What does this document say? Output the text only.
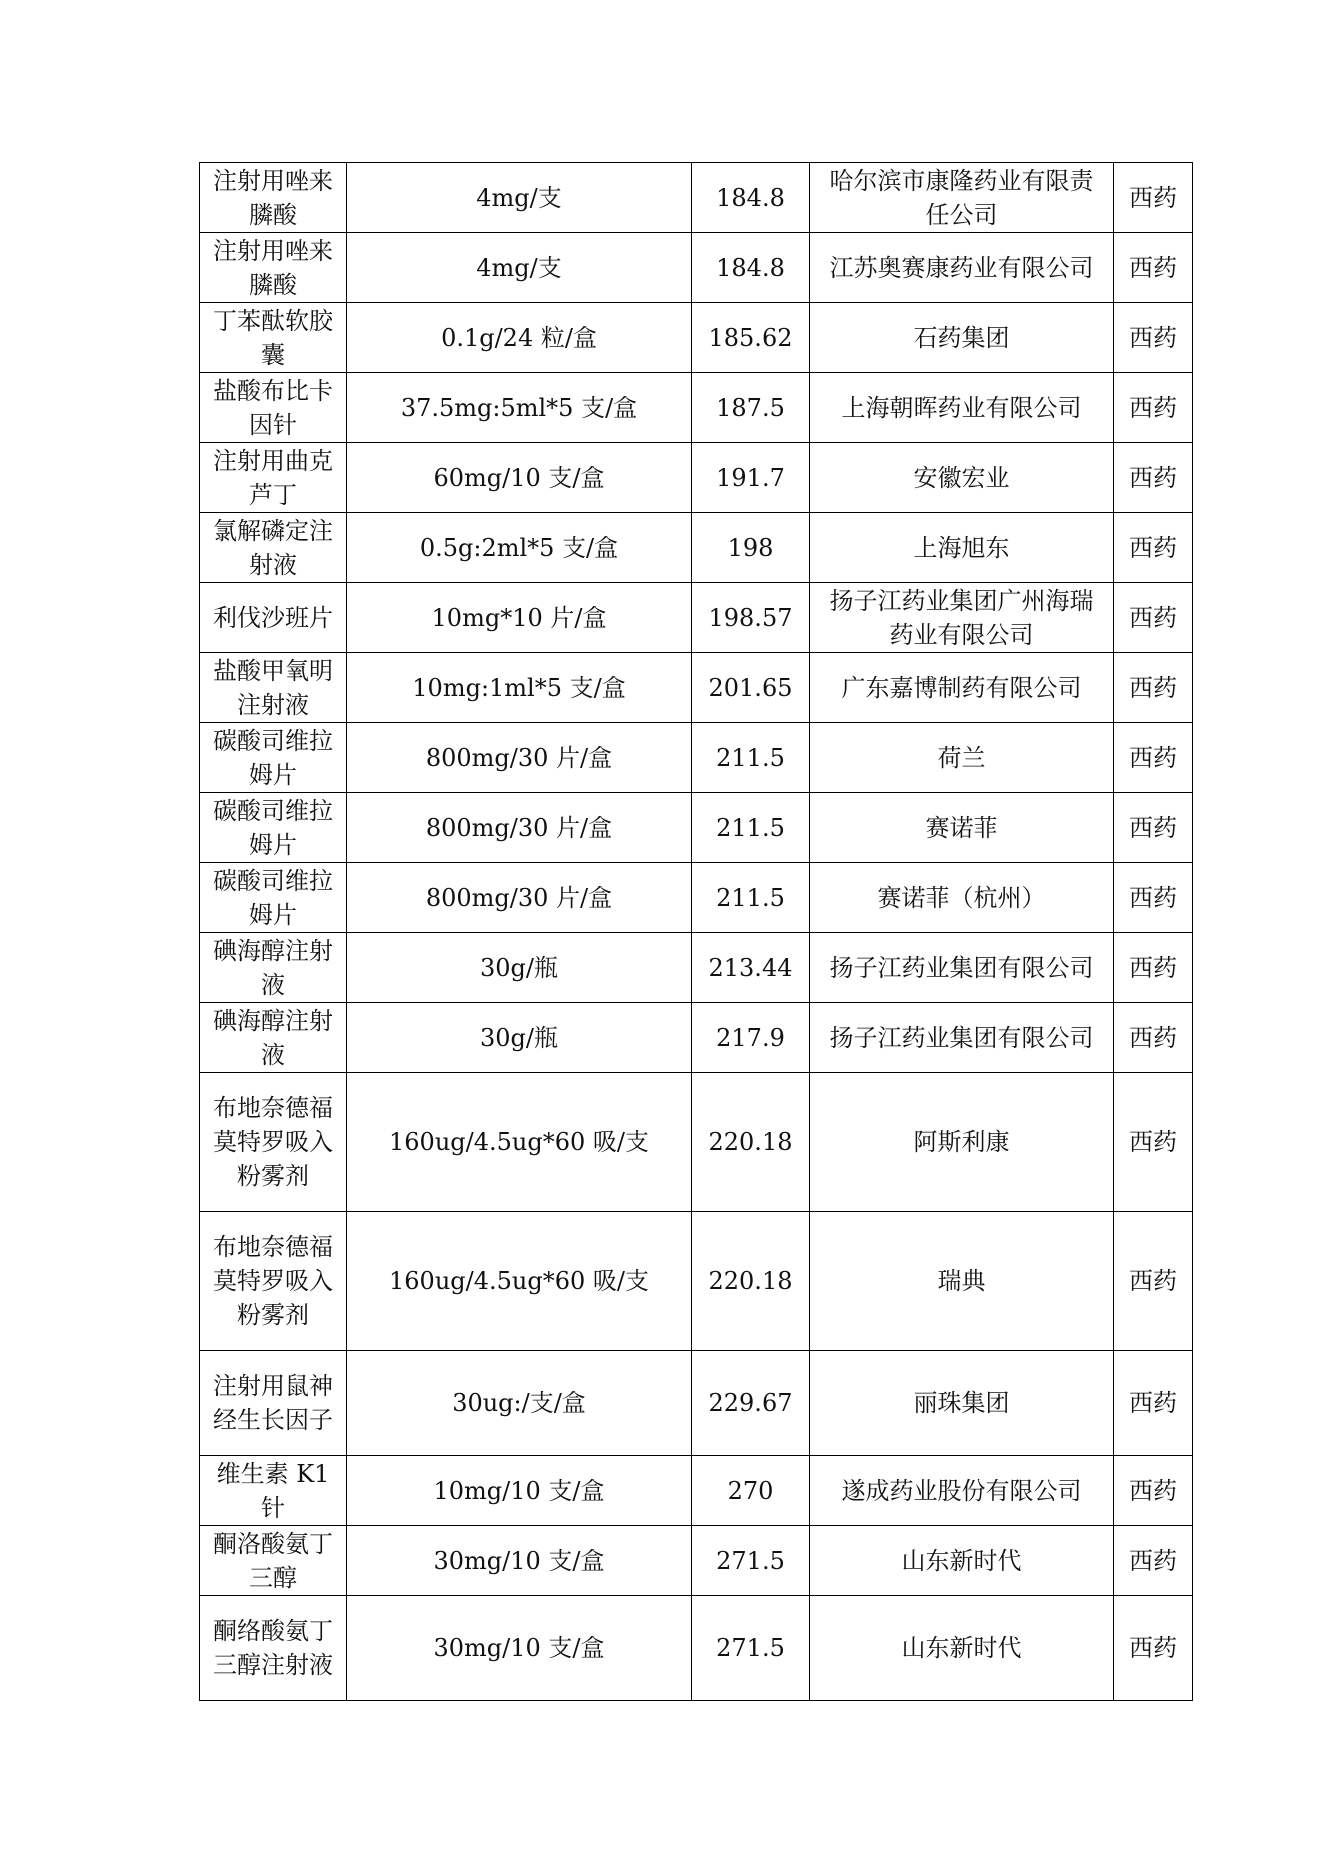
注射用唑来膦酸	4mg/支	184.8	哈尔滨市康隆药业有限责任公司	西药
注射用唑来膦酸	4mg/支	184.8	江苏奥赛康药业有限公司	西药
丁苯酞软胶囊	0.1g/24 粒/盒	185.62	石药集团	西药
盐酸布比卡因针	37.5mg:5ml*5 支/盒	187.5	上海朝晖药业有限公司	西药
注射用曲克芦丁	60mg/10 支/盒	191.7	安徽宏业	西药
氯解磷定注射液	0.5g:2ml*5 支/盒	198	上海旭东	西药
利伐沙班片	10mg*10 片/盒	198.57	扬子江药业集团广州海瑞药业有限公司	西药
盐酸甲氧明注射液	10mg:1ml*5 支/盒	201.65	广东嘉博制药有限公司	西药
碳酸司维拉姆片	800mg/30 片/盒	211.5	荷兰	西药
碳酸司维拉姆片	800mg/30 片/盒	211.5	赛诺菲	西药
碳酸司维拉姆片	800mg/30 片/盒	211.5	赛诺菲（杭州）	西药
碘海醇注射液	30g/瓶	213.44	扬子江药业集团有限公司	西药
碘海醇注射液	30g/瓶	217.9	扬子江药业集团有限公司	西药
布地奈德福莫特罗吸入粉雾剂	160ug/4.5ug*60 吸/支	220.18	阿斯利康	西药
布地奈德福莫特罗吸入粉雾剂	160ug/4.5ug*60 吸/支	220.18	瑞典	西药
注射用鼠神经生长因子	30ug:/支/盒	229.67	丽珠集团	西药
维生素 K1 针	10mg/10 支/盒	270	遂成药业股份有限公司	西药
酮洛酸氨丁三醇	30mg/10 支/盒	271.5	山东新时代	西药
酮络酸氨丁三醇注射液	30mg/10 支/盒	271.5	山东新时代	西药
